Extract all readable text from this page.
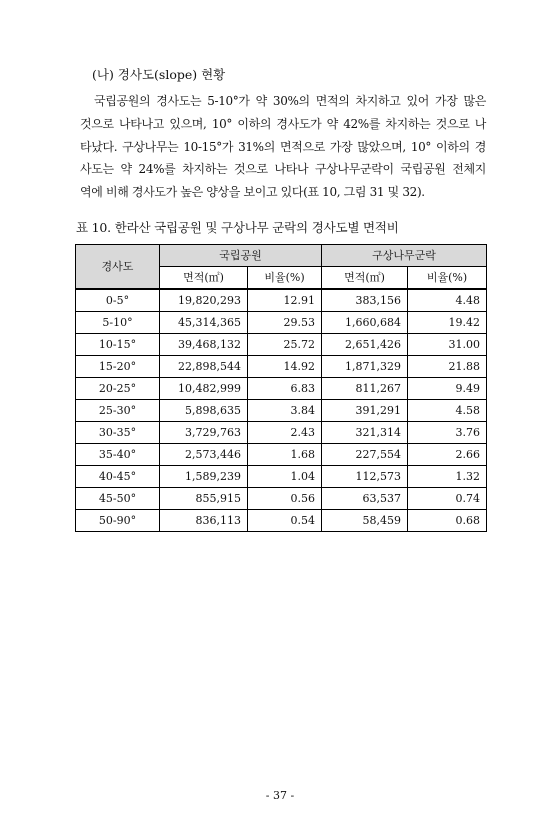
(나) 경사도(slope) 현황

국립공원의 경사도는 5-10°가 약 30%의 면적의 차지하고 있어 가장 많은

것으로 나타나고 있으며, 10° 이하의 경사도가 약 42%를 차지하는 것으로 나

타났다. 구상나무는 10-15°가 31%의 면적으로 가장 많았으며, 10° 이하의 경

사도는 약 24%를 차지하는 것으로 나타나 구상나무군락이 국립공원 전체지

역에 비해 경사도가 높은 양상을 보이고 있다(표 10, 그림 31 및 32).

표 10. 한라산 국립공원 및 구상나무 군락의 경사도별 면적비
경사도	국립공원		구상나무군락	
	면적(㎡)	비율(%)	면적(㎡)	비율(%)
0-5°	19,820,293	12.91	383,156	4.48
5-10°	45,314,365	29.53	1,660,684	19.42
10-15°	39,468,132	25.72	2,651,426	31.00
15-20°	22,898,544	14.92	1,871,329	21.88
20-25°	10,482,999	6.83	811,267	9.49
25-30°	5,898,635	3.84	391,291	4.58
30-35°	3,729,763	2.43	321,314	3.76
35-40°	2,573,446	1.68	227,554	2.66
40-45°	1,589,239	1.04	112,573	1.32
45-50°	855,915	0.56	63,537	0.74
50-90°	836,113	0.54	58,459	0.68
- 37 -
